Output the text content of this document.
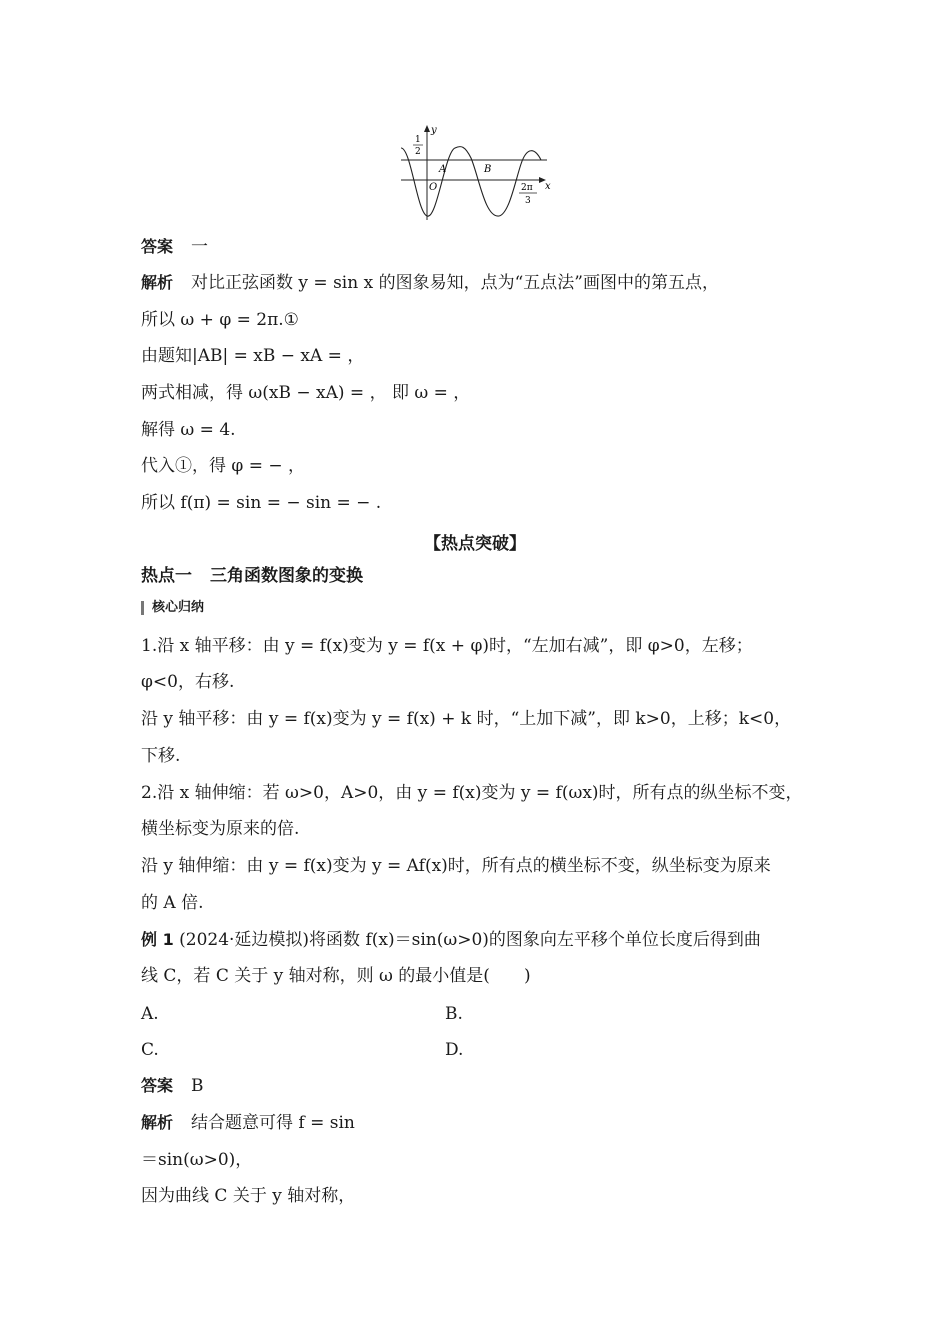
y
x
1
2
A	B
O	2π
3
答案 一
解析 对比正弦函数 y = sin x 的图象易知，点为“五点法”画图中的第五点，
所以 ω + φ = 2π.①
由题知|AB| = xB − xA = ，
两式相减，得 ω(xB − xA) = ， 即 ω = ，
解得 ω = 4.
代入①，得 φ = − ，
所以 f(π) = sin = − sin = − .
【热点突破】
热点一 三角函数图象的变换
核心归纳
1.沿 x 轴平移：由 y = f(x)变为 y = f(x + φ)时，“左加右减”，即 φ>0，左移；
φ<0，右移.
沿 y 轴平移：由 y = f(x)变为 y = f(x) + k 时，“上加下减”，即 k>0，上移；k<0，
下移.
2.沿 x 轴伸缩：若 ω>0，A>0，由 y = f(x)变为 y = f(ωx)时，所有点的纵坐标不变，
横坐标变为原来的倍.
沿 y 轴伸缩：由 y = f(x)变为 y = Af(x)时，所有点的横坐标不变，纵坐标变为原来
的 A 倍.
例 1 (2024·延边模拟)将函数 f(x)＝sin(ω>0)的图象向左平移个单位长度后得到曲
线 C，若 C 关于 y 轴对称，则 ω 的最小值是(　　)
A.	B.
C.	D.
答案 B
解析 结合题意可得 f = sin
＝sin(ω>0)，
因为曲线 C 关于 y 轴对称，
